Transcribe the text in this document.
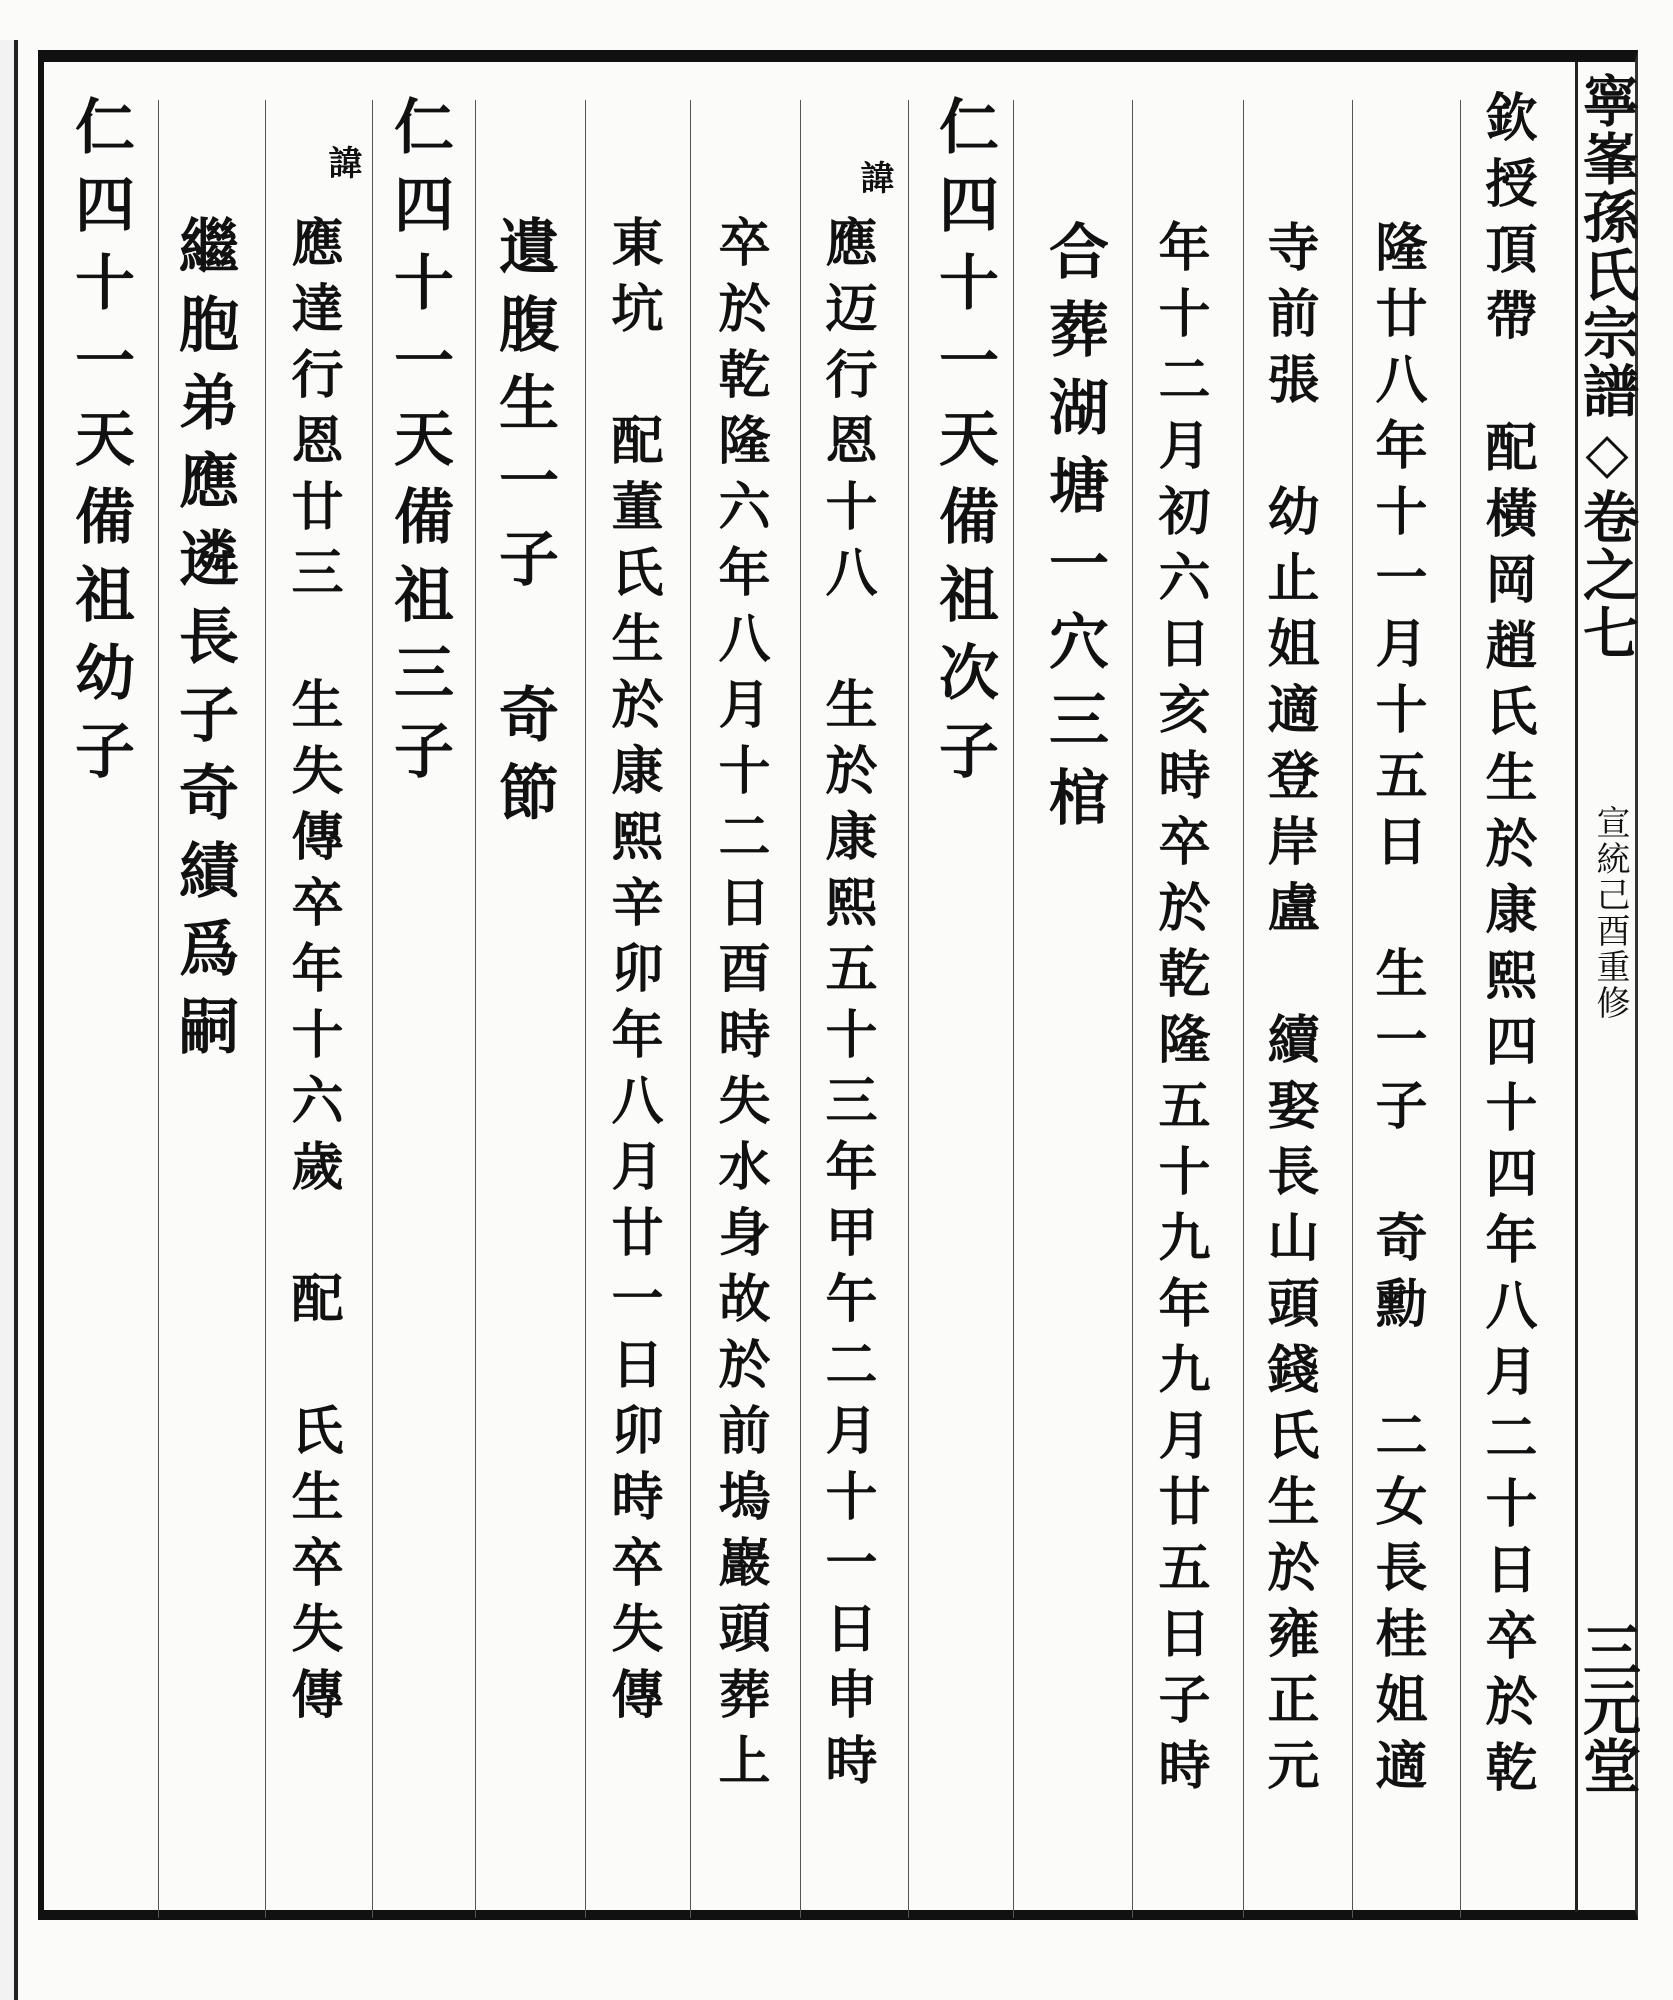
寧峯孫氏宗譜◇卷之七
宣統己酉重修
三元堂
欽授頂帶　配橫岡趙氏生於康熙四十四年八月二十日卒於乾
隆廿八年十一月十五日　生一子　奇勳　二女長桂姐適
寺前張　幼止姐適登岸盧　續娶長山頭錢氏生於雍正元
年十二月初六日亥時卒於乾隆五十九年九月廿五日子時
合葬湖塘一穴三棺
仁四十一天備祖次子
諱
應迈行恩十八　生於康熙五十三年甲午二月十一日申時
卒於乾隆六年八月十二日酉時失水身故於前塢巖頭葬上
東坑　配董氏生於康熙辛卯年八月廿一日卯時卒失傳
遺腹生一子　奇節
仁四十一天備祖三子
諱
應達行恩廿三　生失傳卒年十六歲　配　氏生卒失傳
繼胞弟應遴長子奇績爲嗣
仁四十一天備祖幼子
